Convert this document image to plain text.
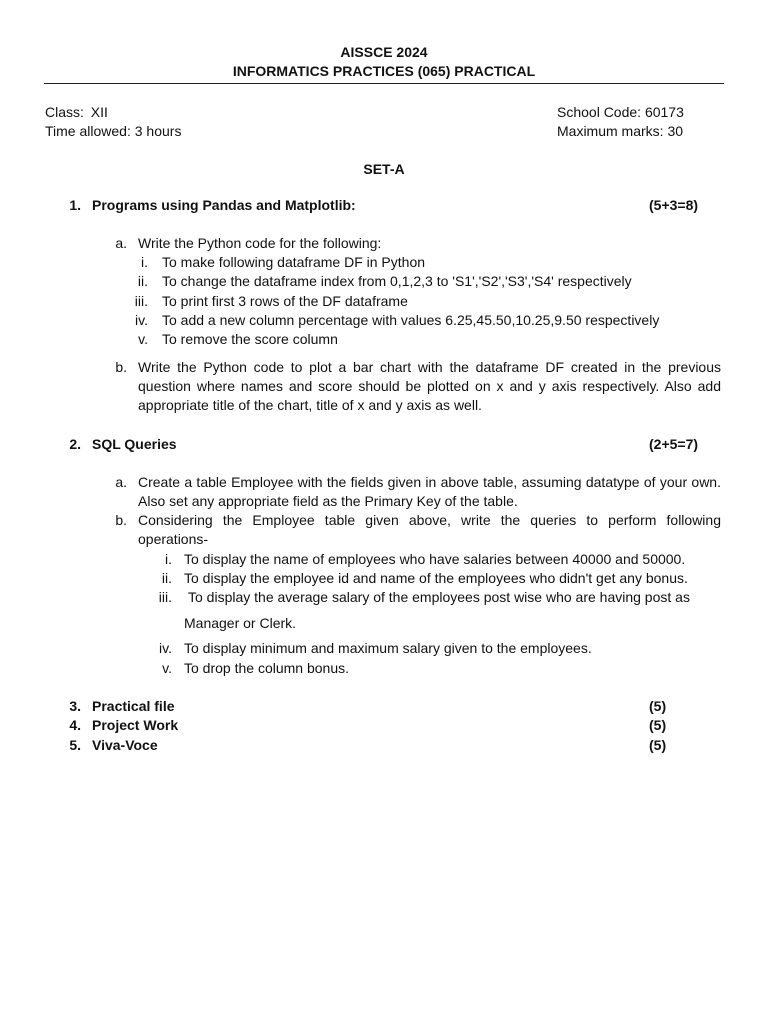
AISSCE 2024
INFORMATICS PRACTICES (065) PRACTICAL
Class: XII
Time allowed: 3 hours
School Code: 60173
Maximum marks: 30
SET-A
1. Programs using Pandas and Matplotlib:	(5+3=8)
a. Write the Python code for the following:
i. To make following dataframe DF in Python
ii. To change the dataframe index from 0,1,2,3 to 'S1','S2','S3','S4' respectively
iii. To print first 3 rows of the DF dataframe
iv. To add a new column percentage with values 6.25,45.50,10.25,9.50 respectively
v. To remove the score column
b. Write the Python code to plot a bar chart with the dataframe DF created in the previous question where names and score should be plotted on x and y axis respectively. Also add appropriate title of the chart, title of x and y axis as well.
2. SQL Queries	(2+5=7)
a. Create a table Employee with the fields given in above table, assuming datatype of your own. Also set any appropriate field as the Primary Key of the table.
b. Considering the Employee table given above, write the queries to perform following operations-
i. To display the name of employees who have salaries between 40000 and 50000.
ii. To display the employee id and name of the employees who didn't get any bonus.
iii. To display the average salary of the employees post wise who are having post as
Manager or Clerk.
iv. To display minimum and maximum salary given to the employees.
v. To drop the column bonus.
3. Practical file	(5)
4. Project Work	(5)
5. Viva-Voce	(5)
